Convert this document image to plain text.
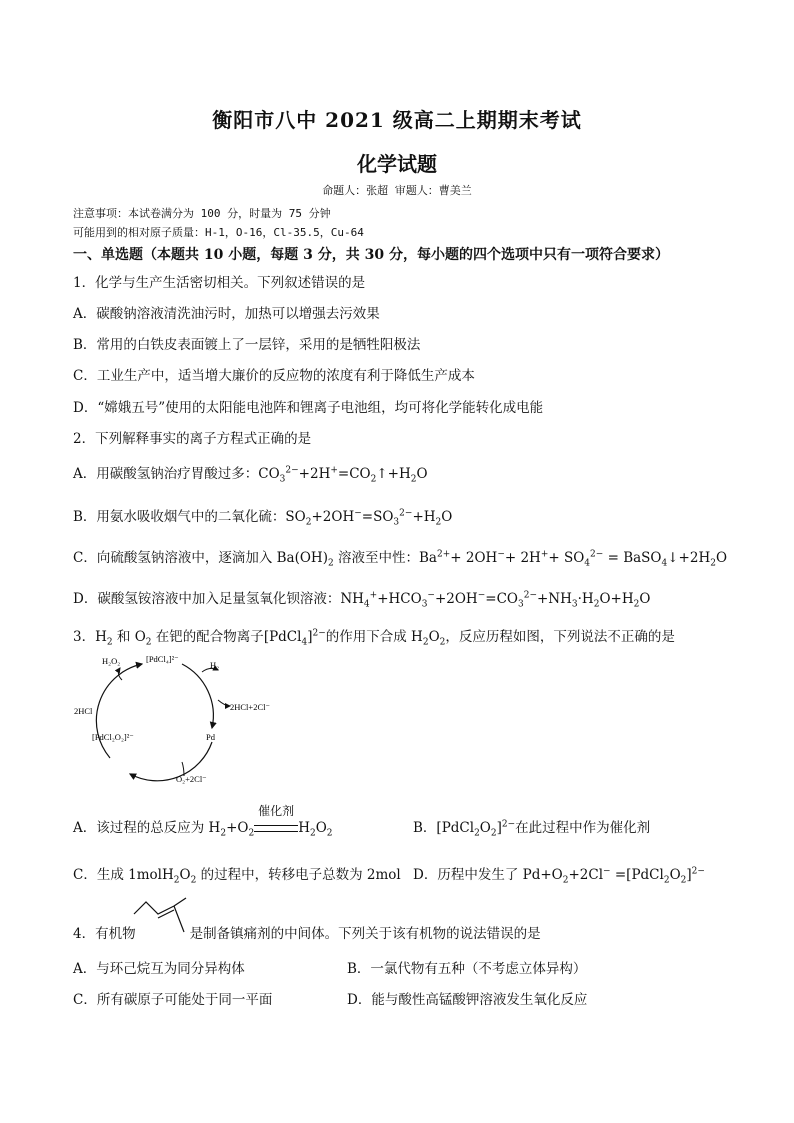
衡阳市八中 2021 级高二上期期末考试
化学试题
命题人：张超 审题人：曹美兰
注意事项：本试卷满分为 100 分，时量为 75 分钟
可能用到的相对原子质量：H-1，O-16，Cl-35.5，Cu-64
一、单选题（本题共 10 小题，每题 3 分，共 30 分，每小题的四个选项中只有一项符合要求）
1．化学与生产生活密切相关。下列叙述错误的是
A．碳酸钠溶液清洗油污时，加热可以增强去污效果
B．常用的白铁皮表面镀上了一层锌，采用的是牺牲阳极法
C．工业生产中，适当增大廉价的反应物的浓度有利于降低生产成本
D．“嫦娥五号”使用的太阳能电池阵和锂离子电池组，均可将化学能转化成电能
2．下列解释事实的离子方程式正确的是
A．用碳酸氢钠治疗胃酸过多：$CO_3^{2-}+2H^+=CO_2↑+H_2O$
B．用氨水吸收烟气中的二氧化硫：$SO_2+2OH^-=SO_3^{2-}+H_2O$
C．向硫酸氢钠溶液中，逐滴加入 $Ba(OH)_2$ 溶液至中性：$Ba^{2+}+ 2OH^-+ 2H^++ SO_4^{2-}$ = $BaSO_4↓+2H_2O$
D．碳酸氢铵溶液中加入足量氢氧化钡溶液：$NH_4^++HCO_3^-+2OH^-=CO_3^{2-}+NH_3\cdot H_2O+H_2O$
3．$H_2$ 和 $O_2$ 在钯的配合物离子[PdCl$_4$]$^{2-}$的作用下合成 $H_2O_2$，反应历程如图，下列说法不正确的是
[PdCl₄]²⁻
H₂
H₂O₂
2HCl+2Cl⁻
2HCl
Pd
[PdCl₂O₂]²⁻
O₂+2Cl⁻
A．该过程的总反应为 $H_2+O_2$
催化剂
$H_2O_2$	B．$[PdCl_2O_2]^{2-}$在此过程中作为催化剂
C．生成 $1molH_2O_2$ 的过程中，转移电子总数为 2mol D．历程中发生了 $Pd+O_2+2Cl^-$ $=[PdCl_2O_2]^{2-}$
4．有机物	是制备镇痛剂的中间体。下列关于该有机物的说法错误的是
A．与环己烷互为同分异构体	B．一氯代物有五种（不考虑立体异构）
C．所有碳原子可能处于同一平面	D．能与酸性高锰酸钾溶液发生氧化反应
